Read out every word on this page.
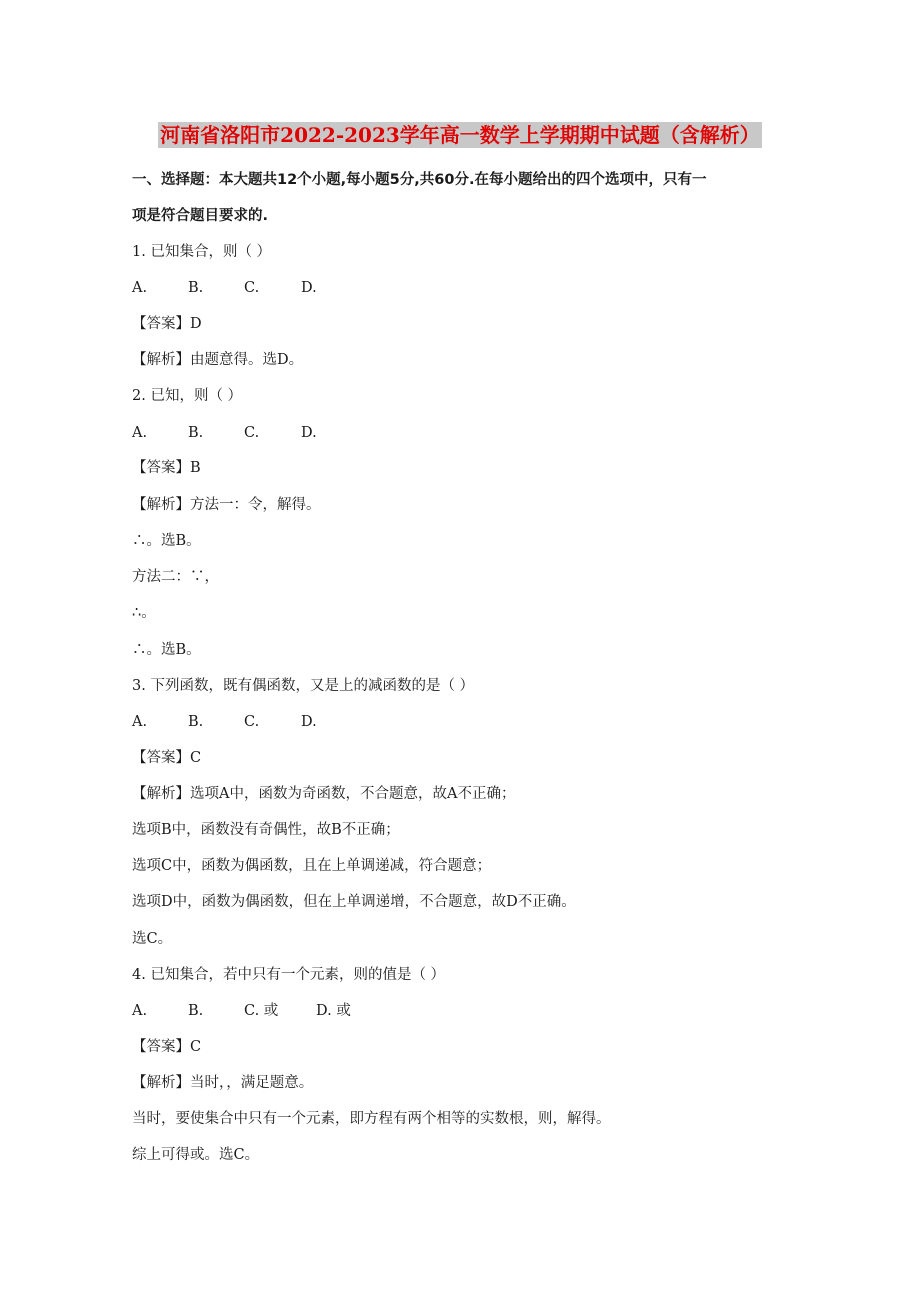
河南省洛阳市2022-2023学年高一数学上学期期中试题（含解析）
一、选择题：本大题共12个小题,每小题5分,共60分.在每小题给出的四个选项中，只有一
项是符合题目要求的.
1. 已知集合，则（ ）
A.	B.	C.	D.
【答案】D
【解析】由题意得。选D。
2. 已知，则（ ）
A.	B.	C.	D.
【答案】B
【解析】方法一：令，解得。
∴。选B。
方法二：∵，
∴。
∴。选B。
3. 下列函数，既有偶函数，又是上的减函数的是（ ）
A.	B.	C.	D.
【答案】C
【解析】选项A中，函数为奇函数，不合题意，故A不正确；
选项B中，函数没有奇偶性，故B不正确；
选项C中，函数为偶函数，且在上单调递减，符合题意；
选项D中，函数为偶函数，但在上单调递增，不合题意，故D不正确。
选C。
4. 已知集合，若中只有一个元素，则的值是（ ）
A.	B.	C. 或	D. 或
【答案】C
【解析】当时，，满足题意。
当时，要使集合中只有一个元素，即方程有两个相等的实数根，则，解得。
综上可得或。选C。
